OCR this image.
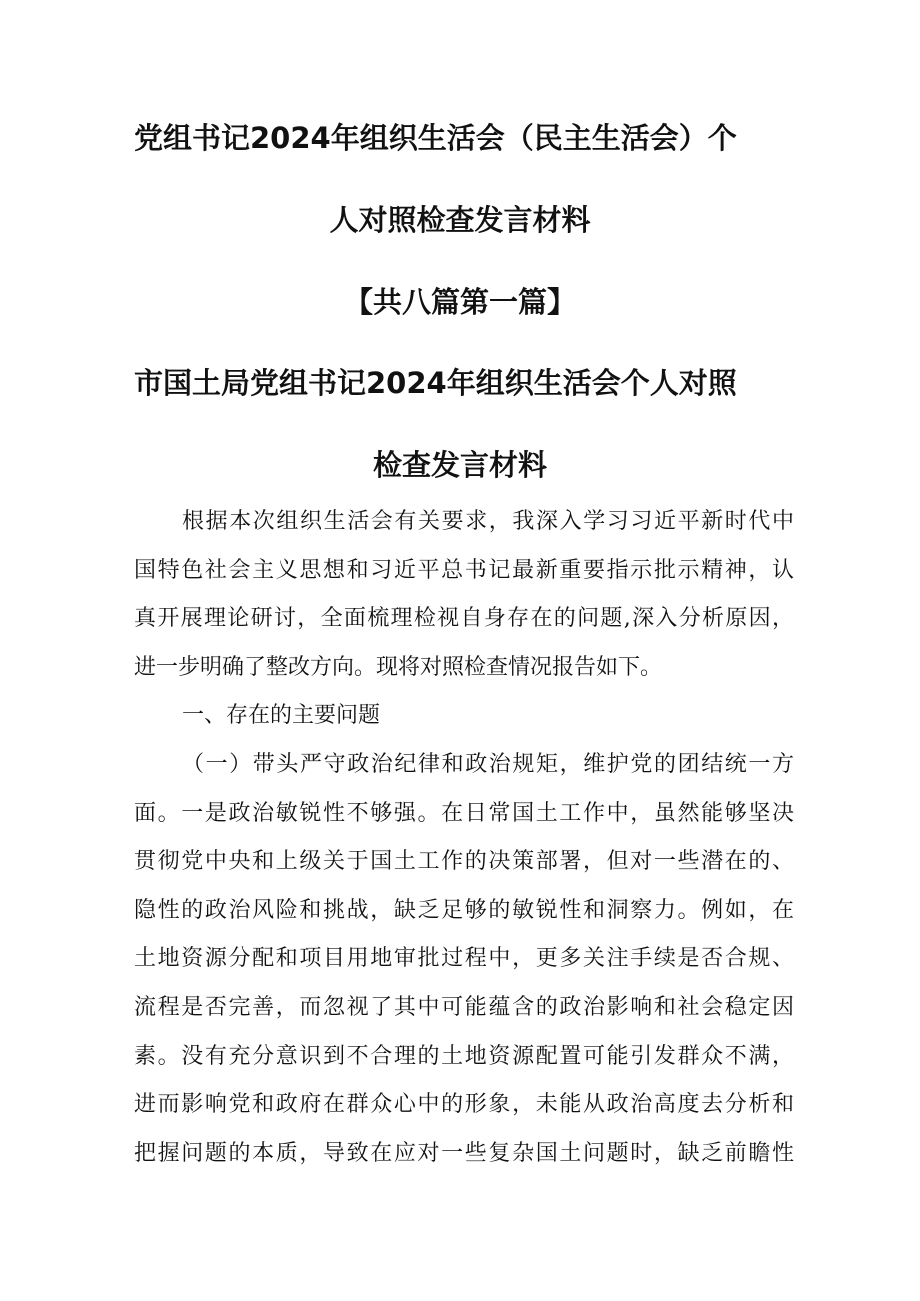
党组书记2024年组织生活会（民主生活会）个
人对照检查发言材料
【共八篇第一篇】
市国土局党组书记2024年组织生活会个人对照
检查发言材料
根据本次组织生活会有关要求，我深入学习习近平新时代中
国特色社会主义思想和习近平总书记最新重要指示批示精神，认
真开展理论研讨，全面梳理检视自身存在的问题,深入分析原因，
进一步明确了整改方向。现将对照检查情况报告如下。
一、存在的主要问题
（一）带头严守政治纪律和政治规矩，维护党的团结统一方
面。一是政治敏锐性不够强。在日常国土工作中，虽然能够坚决
贯彻党中央和上级关于国土工作的决策部署，但对一些潜在的、
隐性的政治风险和挑战，缺乏足够的敏锐性和洞察力。例如，在
土地资源分配和项目用地审批过程中，更多关注手续是否合规、
流程是否完善，而忽视了其中可能蕴含的政治影响和社会稳定因
素。没有充分意识到不合理的土地资源配置可能引发群众不满，
进而影响党和政府在群众心中的形象，未能从政治高度去分析和
把握问题的本质，导致在应对一些复杂国土问题时，缺乏前瞻性
